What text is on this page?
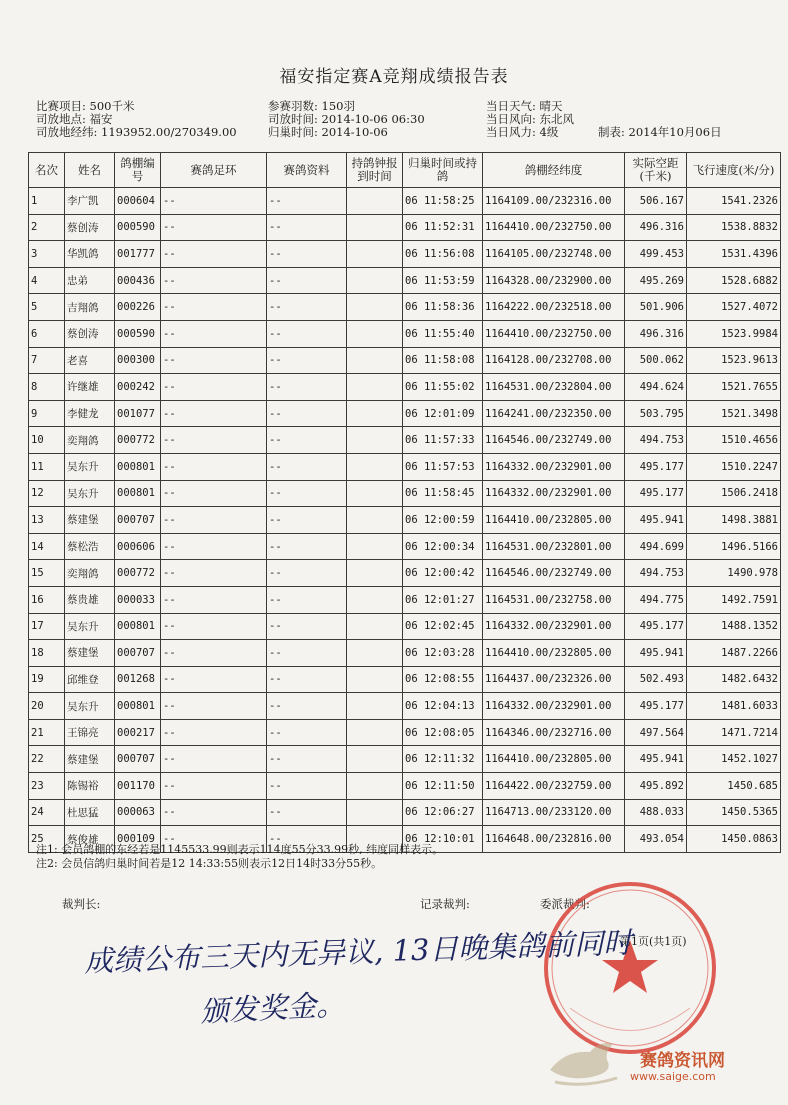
福安指定赛A竞翔成绩报告表
比赛项目: 500千米	参赛羽数: 150羽	当日天气: 晴天
司放地点: 福安	司放时间: 2014-10-06 06:30	当日风向: 东北风
司放地经纬: 1193952.00/270349.00	归巢时间: 2014-10-06	当日风力: 4级	制表: 2014年10月06日
名次	姓名	鸽棚编号	赛鸽足环	赛鸽资料	持鸽钟报到时间	归巢时间或持鸽	鸽棚经纬度	实际空距(千米)	飞行速度(米/分)
1	李广凯	000604	--	--		06 11:58:25	1164109.00/232316.00	506.167	1541.2326
2	蔡创涛	000590	--	--		06 11:52:31	1164410.00/232750.00	496.316	1538.8832
3	华凯鸽	001777	--	--		06 11:56:08	1164105.00/232748.00	499.453	1531.4396
4	忠弟	000436	--	--		06 11:53:59	1164328.00/232900.00	495.269	1528.6882
5	吉翔鸽	000226	--	--		06 11:58:36	1164222.00/232518.00	501.906	1527.4072
6	蔡创涛	000590	--	--		06 11:55:40	1164410.00/232750.00	496.316	1523.9984
7	老喜	000300	--	--		06 11:58:08	1164128.00/232708.00	500.062	1523.9613
8	许继雄	000242	--	--		06 11:55:02	1164531.00/232804.00	494.624	1521.7655
9	李健龙	001077	--	--		06 12:01:09	1164241.00/232350.00	503.795	1521.3498
10	奕翔鸽	000772	--	--		06 11:57:33	1164546.00/232749.00	494.753	1510.4656
11	吴东升	000801	--	--		06 11:57:53	1164332.00/232901.00	495.177	1510.2247
12	吴东升	000801	--	--		06 11:58:45	1164332.00/232901.00	495.177	1506.2418
13	蔡建堡	000707	--	--		06 12:00:59	1164410.00/232805.00	495.941	1498.3881
14	蔡松浩	000606	--	--		06 12:00:34	1164531.00/232801.00	494.699	1496.5166
15	奕翔鸽	000772	--	--		06 12:00:42	1164546.00/232749.00	494.753	1490.978
16	蔡贵雄	000033	--	--		06 12:01:27	1164531.00/232758.00	494.775	1492.7591
17	吴东升	000801	--	--		06 12:02:45	1164332.00/232901.00	495.177	1488.1352
18	蔡建堡	000707	--	--		06 12:03:28	1164410.00/232805.00	495.941	1487.2266
19	邱维登	001268	--	--		06 12:08:55	1164437.00/232326.00	502.493	1482.6432
20	吴东升	000801	--	--		06 12:04:13	1164332.00/232901.00	495.177	1481.6033
21	王锦亮	000217	--	--		06 12:08:05	1164346.00/232716.00	497.564	1471.7214
22	蔡建堡	000707	--	--		06 12:11:32	1164410.00/232805.00	495.941	1452.1027
23	陈锡裕	001170	--	--		06 12:11:50	1164422.00/232759.00	495.892	1450.685
24	杜思猛	000063	--	--		06 12:06:27	1164713.00/233120.00	488.033	1450.5365
25	蔡俊雄	000109	--	--		06 12:10:01	1164648.00/232816.00	493.054	1450.0863
注1: 会员鸽棚的东经若是1145533.99则表示114度55分33.99秒, 纬度同样表示。
注2: 会员信鸽归巢时间若是12 14:33:55则表示12日14时33分55秒。
裁判长:	记录裁判:	委派裁判:
第1页(共1页)
成绩公布三天内无异议, 13日晚集鸽前同时
颁发奖金。
赛鸽资讯网
www.saige.com
